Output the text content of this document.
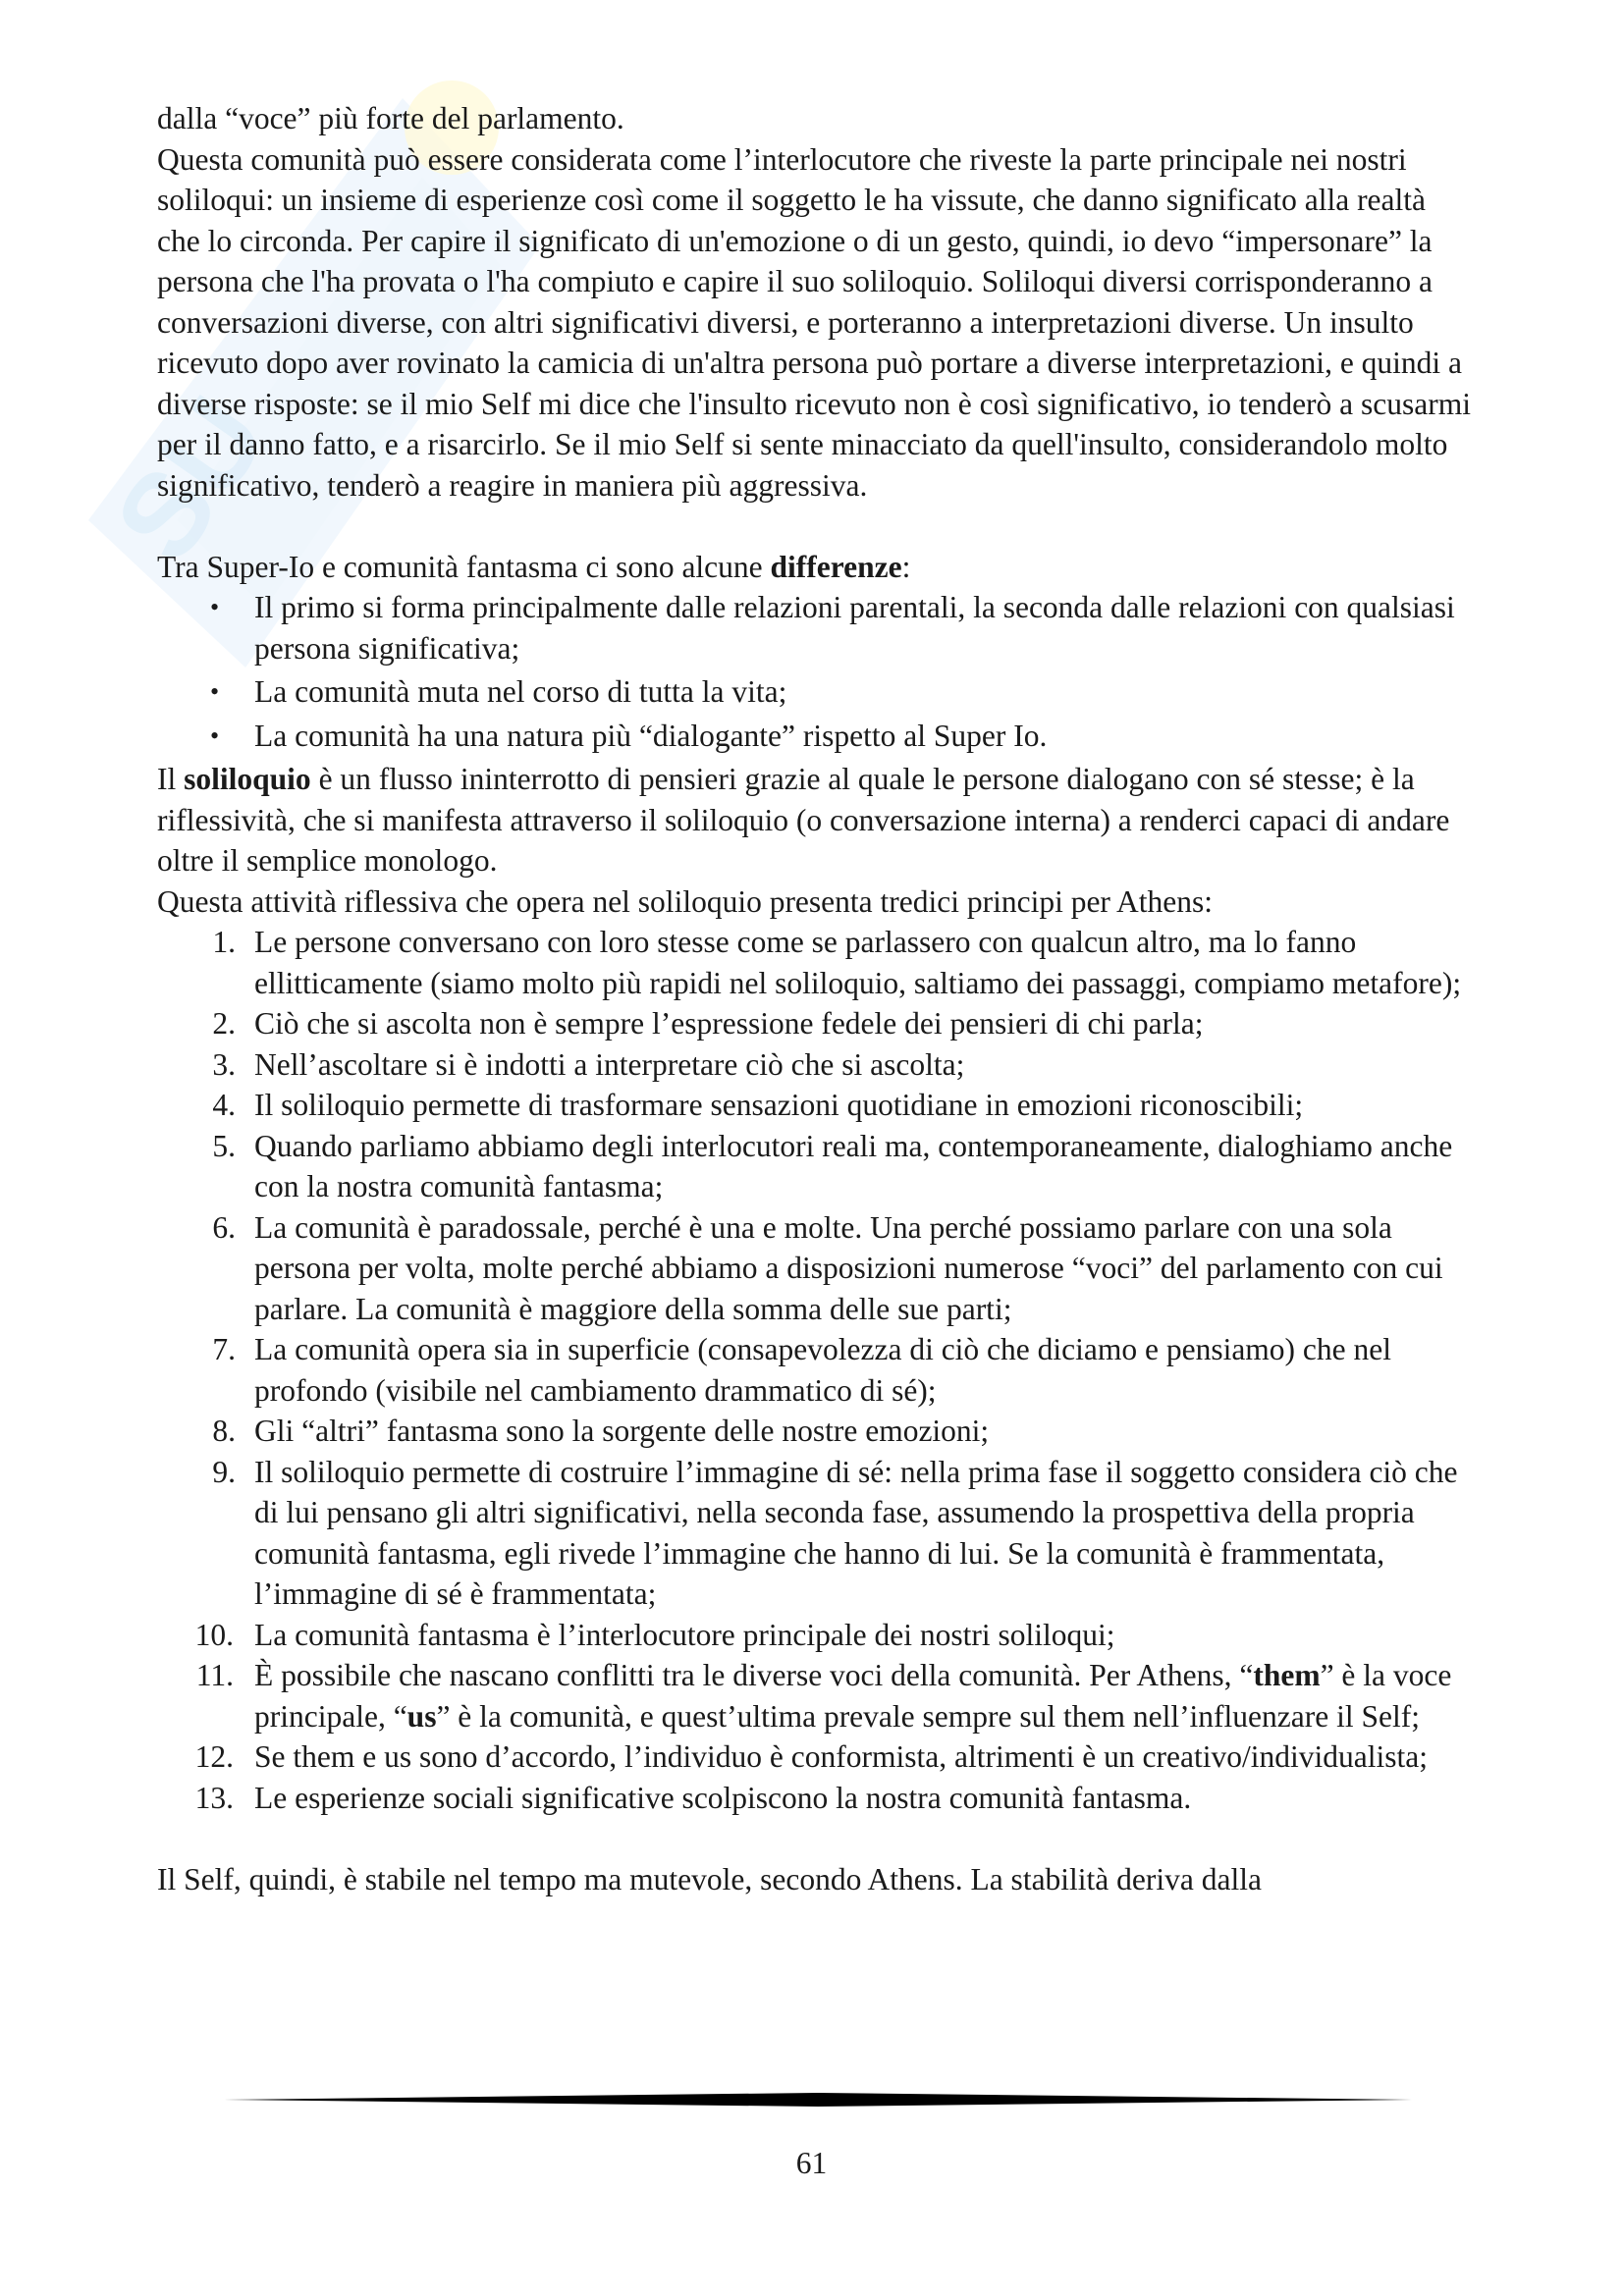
SU

dalla “voce” più forte del parlamento.

Questa comunità può essere considerata come l’interlocutore che riveste la parte principale nei nostri soliloqui: un insieme di esperienze così come il soggetto le ha vissute, che danno significato alla realtà che lo circonda. Per capire il significato di un'emozione o di un gesto, quindi, io devo “impersonare” la persona che l'ha provata o l'ha compiuto e capire il suo soliloquio. Soliloqui diversi corrisponderanno a conversazioni diverse, con altri significativi diversi, e porteranno a interpretazioni diverse. Un insulto ricevuto dopo aver rovinato la camicia di un'altra persona può portare a diverse interpretazioni, e quindi a diverse risposte: se il mio Self mi dice che l'insulto ricevuto non è così significativo, io tenderò a scusarmi per il danno fatto, e a risarcirlo. Se il mio Self si sente minacciato da quell'insulto, considerandolo molto significativo, tenderò a reagire in maniera più aggressiva.

Tra Super-Io e comunità fantasma ci sono alcune differenze:

• Il primo si forma principalmente dalle relazioni parentali, la seconda dalle relazioni con qualsiasi persona significativa;
• La comunità muta nel corso di tutta la vita;
• La comunità ha una natura più “dialogante” rispetto al Super Io.

Il soliloquio è un flusso ininterrotto di pensieri grazie al quale le persone dialogano con sé stesse; è la riflessività, che si manifesta attraverso il soliloquio (o conversazione interna) a renderci capaci di andare oltre il semplice monologo.

Questa attività riflessiva che opera nel soliloquio presenta tredici principi per Athens:

1. Le persone conversano con loro stesse come se parlassero con qualcun altro, ma lo fanno ellitticamente (siamo molto più rapidi nel soliloquio, saltiamo dei passaggi, compiamo metafore);
2. Ciò che si ascolta non è sempre l’espressione fedele dei pensieri di chi parla;
3. Nell’ascoltare si è indotti a interpretare ciò che si ascolta;
4. Il soliloquio permette di trasformare sensazioni quotidiane in emozioni riconoscibili;
5. Quando parliamo abbiamo degli interlocutori reali ma, contemporaneamente, dialoghiamo anche con la nostra comunità fantasma;
6. La comunità è paradossale, perché è una e molte. Una perché possiamo parlare con una sola persona per volta, molte perché abbiamo a disposizioni numerose “voci” del parlamento con cui parlare. La comunità è maggiore della somma delle sue parti;
7. La comunità opera sia in superficie (consapevolezza di ciò che diciamo e pensiamo) che nel profondo (visibile nel cambiamento drammatico di sé);
8. Gli “altri” fantasma sono la sorgente delle nostre emozioni;
9. Il soliloquio permette di costruire l’immagine di sé: nella prima fase il soggetto considera ciò che di lui pensano gli altri significativi, nella seconda fase, assumendo la prospettiva della propria comunità fantasma, egli rivede l’immagine che hanno di lui. Se la comunità è frammentata, l’immagine di sé è frammentata;
10. La comunità fantasma è l’interlocutore principale dei nostri soliloqui;
11. È possibile che nascano conflitti tra le diverse voci della comunità. Per Athens, “them” è la voce principale, “us” è la comunità, e quest’ultima prevale sempre sul them nell’influenzare il Self;
12. Se them e us sono d’accordo, l’individuo è conformista, altrimenti è un creativo/individualista;
13. Le esperienze sociali significative scolpiscono la nostra comunità fantasma.

Il Self, quindi, è stabile nel tempo ma mutevole, secondo Athens. La stabilità deriva dalla

61
